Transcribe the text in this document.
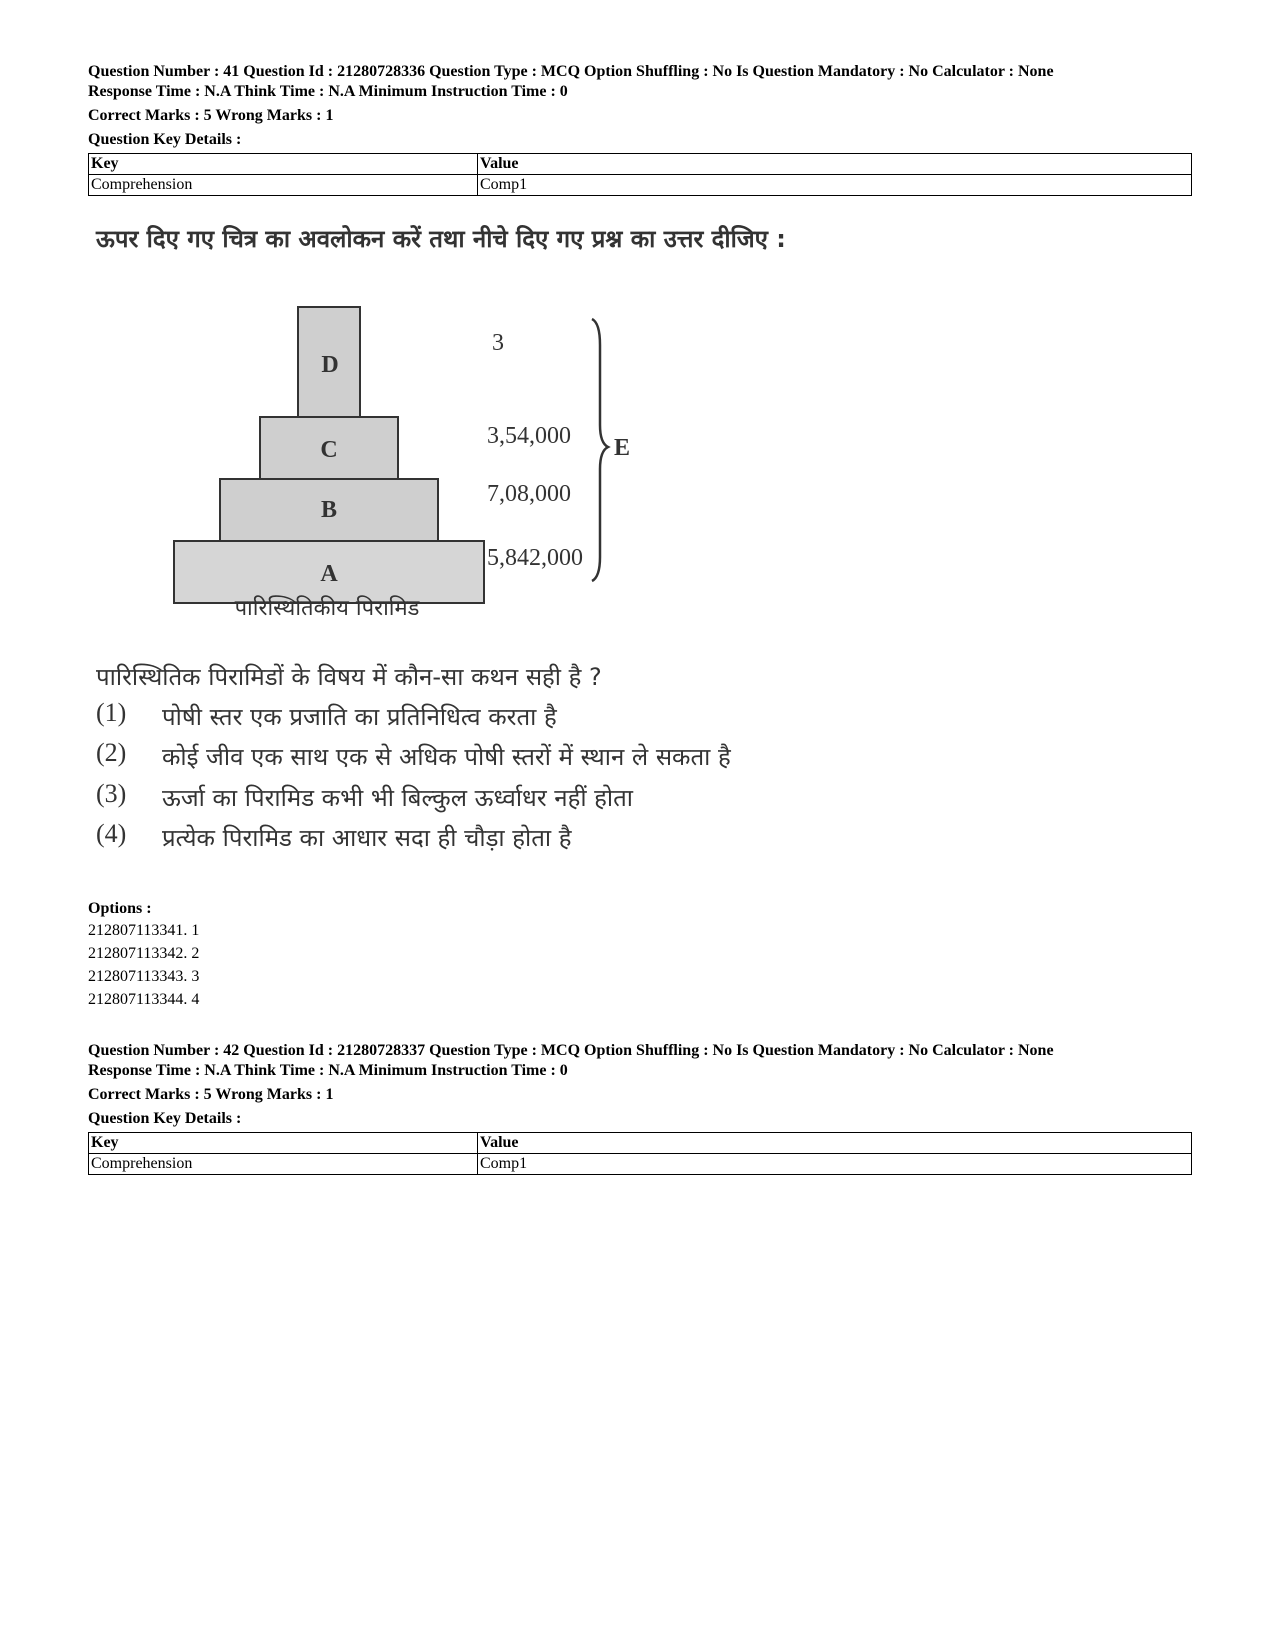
Question Number : 41 Question Id : 21280728336 Question Type : MCQ Option Shuffling : No Is Question Mandatory : No Calculator : None

Response Time : N.A Think Time : N.A Minimum Instruction Time : 0

Correct Marks : 5 Wrong Marks : 1

Question Key Details :

Key	Value
Comprehension	Comp1
ऊपर दिए गए चित्र का अवलोकन करें तथा नीचे दिए गए प्रश्न का उत्तर दीजिए :
D
C
B
A
3
3,54,000
7,08,000
5,842,000
E
पारिस्थितिकीय पिरामिड
पारिस्थितिक पिरामिडों के विषय में कौन-सा कथन सही है ?
(1) पोषी स्तर एक प्रजाति का प्रतिनिधित्व करता है
(2) कोई जीव एक साथ एक से अधिक पोषी स्तरों में स्थान ले सकता है
(3) ऊर्जा का पिरामिड कभी भी बिल्कुल ऊर्ध्वाधर नहीं होता
(4) प्रत्येक पिरामिड का आधार सदा ही चौड़ा होता है
Options :
212807113341. 1
212807113342. 2
212807113343. 3
212807113344. 4

Question Number : 42 Question Id : 21280728337 Question Type : MCQ Option Shuffling : No Is Question Mandatory : No Calculator : None

Response Time : N.A Think Time : N.A Minimum Instruction Time : 0

Correct Marks : 5 Wrong Marks : 1

Question Key Details :

Key	Value
Comprehension	Comp1
